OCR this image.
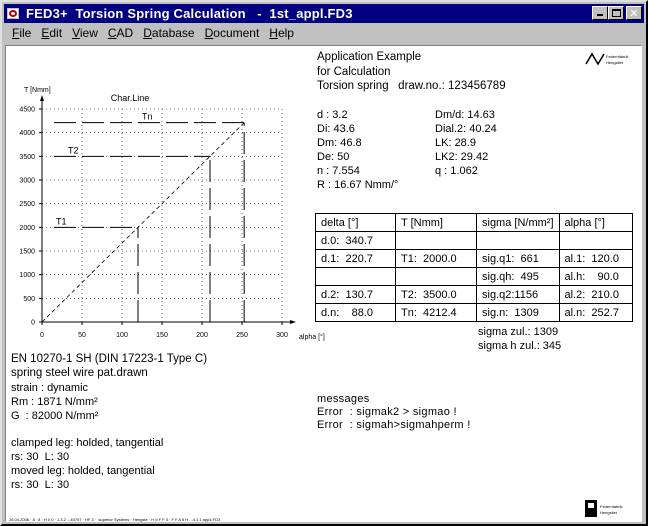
FED3+  Torsion Spring Calculation   -  1st_appl.FD3	✕
File Edit View CAD Database Document Help
0	50	100	150	200	250	300
0
500
1000
1500
2000
2500
3000
3500
4000
4500
T [Nmm]
alpha [°]
Char.Line
T1
T2
Tn
Application Example
for Calculation
Torsion spring   draw.no.: 123456789
Federnfabrik
Hengstler
d : 3.2
Di: 43.6
Dm: 46.8
De: 50
n : 7.554
R : 16.67 Nmm/°
Dm/d: 14.63
Dial.2: 40.24
LK: 28.9
LK2: 29.42
q : 1.062
delta [°]	T [Nmm]	sigma [N/mm²]	alpha [°]
d.0:  340.7			
d.1:  220.7	T1:  2000.0	sig.q1:  661	al.1:  120.0
		sig.qh:  495	al.h:    90.0
d.2:  130.7	T2:  3500.0	sig.q2:1156	al.2:  210.0
d.n:    88.0	Tn:  4212.4	sig.n:  1309	al.n:  252.7
sigma zul.: 1309
sigma h zul.: 345
EN 10270-1 SH (DIN 17223-1 Type C)
spring steel wire pat.drawn
strain : dynamic
Rm : 1871 N/mm²
G  : 82000 N/mm²
clamped leg: holded, tangential
rs: 30  L: 30
moved leg: holded, tangential
rs: 30  L: 30
messages
Error  : sigmak2 > sigmao !
Error  : sigmah>sigmahperm !
26.04.2006 · 8 : 8 · H 0 0 · 1.3.2 ...40707 · HF 3 ·  superior Systems · Hengste · H d F F 3 · F F A 8 H ...4.1 1 app3.FD3
Federnfabrik
Hengstler
